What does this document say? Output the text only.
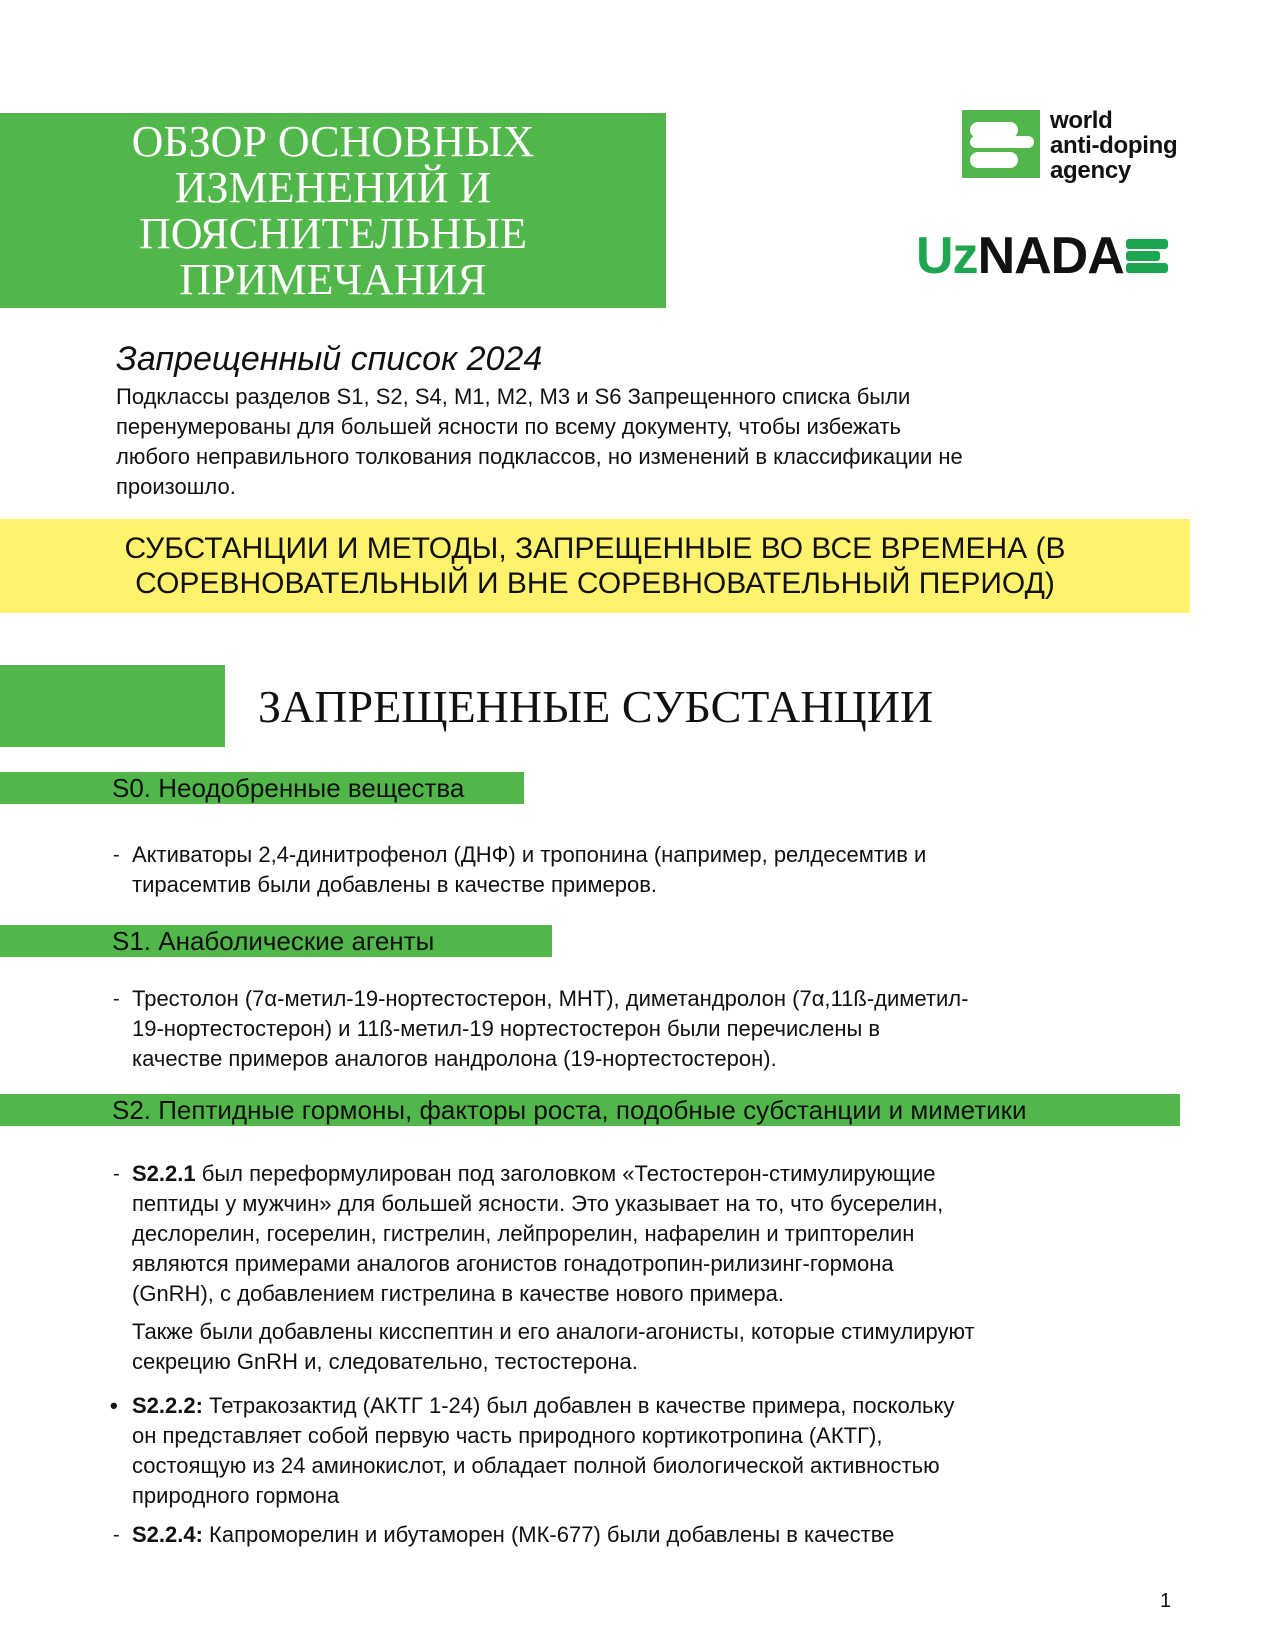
ОБЗОР ОСНОВНЫХ
ИЗМЕНЕНИЙ И
ПОЯСНИТЕЛЬНЫЕ
ПРИМЕЧАНИЯ
world
anti-doping
agency
Uz NADA
Запрещенный список 2024
Подклассы разделов S1, S2, S4, M1, M2, M3 и S6 Запрещенного списка были
перенумерованы для большей ясности по всему документу, чтобы избежать
любого неправильного толкования подклассов, но изменений в классификации не
произошло.
СУБСТАНЦИИ И МЕТОДЫ, ЗАПРЕЩЕННЫЕ ВО ВСЕ ВРЕМЕНА (В
СОРЕВНОВАТЕЛЬНЫЙ И ВНЕ СОРЕВНОВАТЕЛЬНЫЙ ПЕРИОД)
ЗАПРЕЩЕННЫЕ СУБСТАНЦИИ
S0. Неодобренные вещества
- Активаторы 2,4-динитрофенол (ДНФ) и тропонина (например, релдесемтив и
тирасемтив были добавлены в качестве примеров.
S1. Анаболические агенты
- Трестолон (7α-метил-19-нортестостерон, МНТ), диметандролон (7α,11ß-диметил-
19-нортестостерон) и 11ß-метил-19 нортестостерон были перечислены в
качестве примеров аналогов нандролона (19-нортестостерон).
S2. Пептидные гормоны, факторы роста, подобные субстанции и миметики
- S2.2.1 был переформулирован под заголовком «Тестостерон-стимулирующие
пептиды у мужчин» для большей ясности. Это указывает на то, что бусерелин,
деслорелин, госерелин, гистрелин, лейпрорелин, нафарелин и трипторелин
являются примерами аналогов агонистов гонадотропин-рилизинг-гормона
(GnRH), с добавлением гистрелина в качестве нового примера.
Также были добавлены кисспептин и его аналоги-агонисты, которые стимулируют
секрецию GnRH и, следовательно, тестостерона.
• S2.2.2: Тетракозактид (АКТГ 1-24) был добавлен в качестве примера, поскольку
он представляет собой первую часть природного кортикотропина (АКТГ),
состоящую из 24 аминокислот, и обладает полной биологической активностью
природного гормона
- S2.2.4: Капроморелин и ибутаморен (МК-677) были добавлены в качестве
1
